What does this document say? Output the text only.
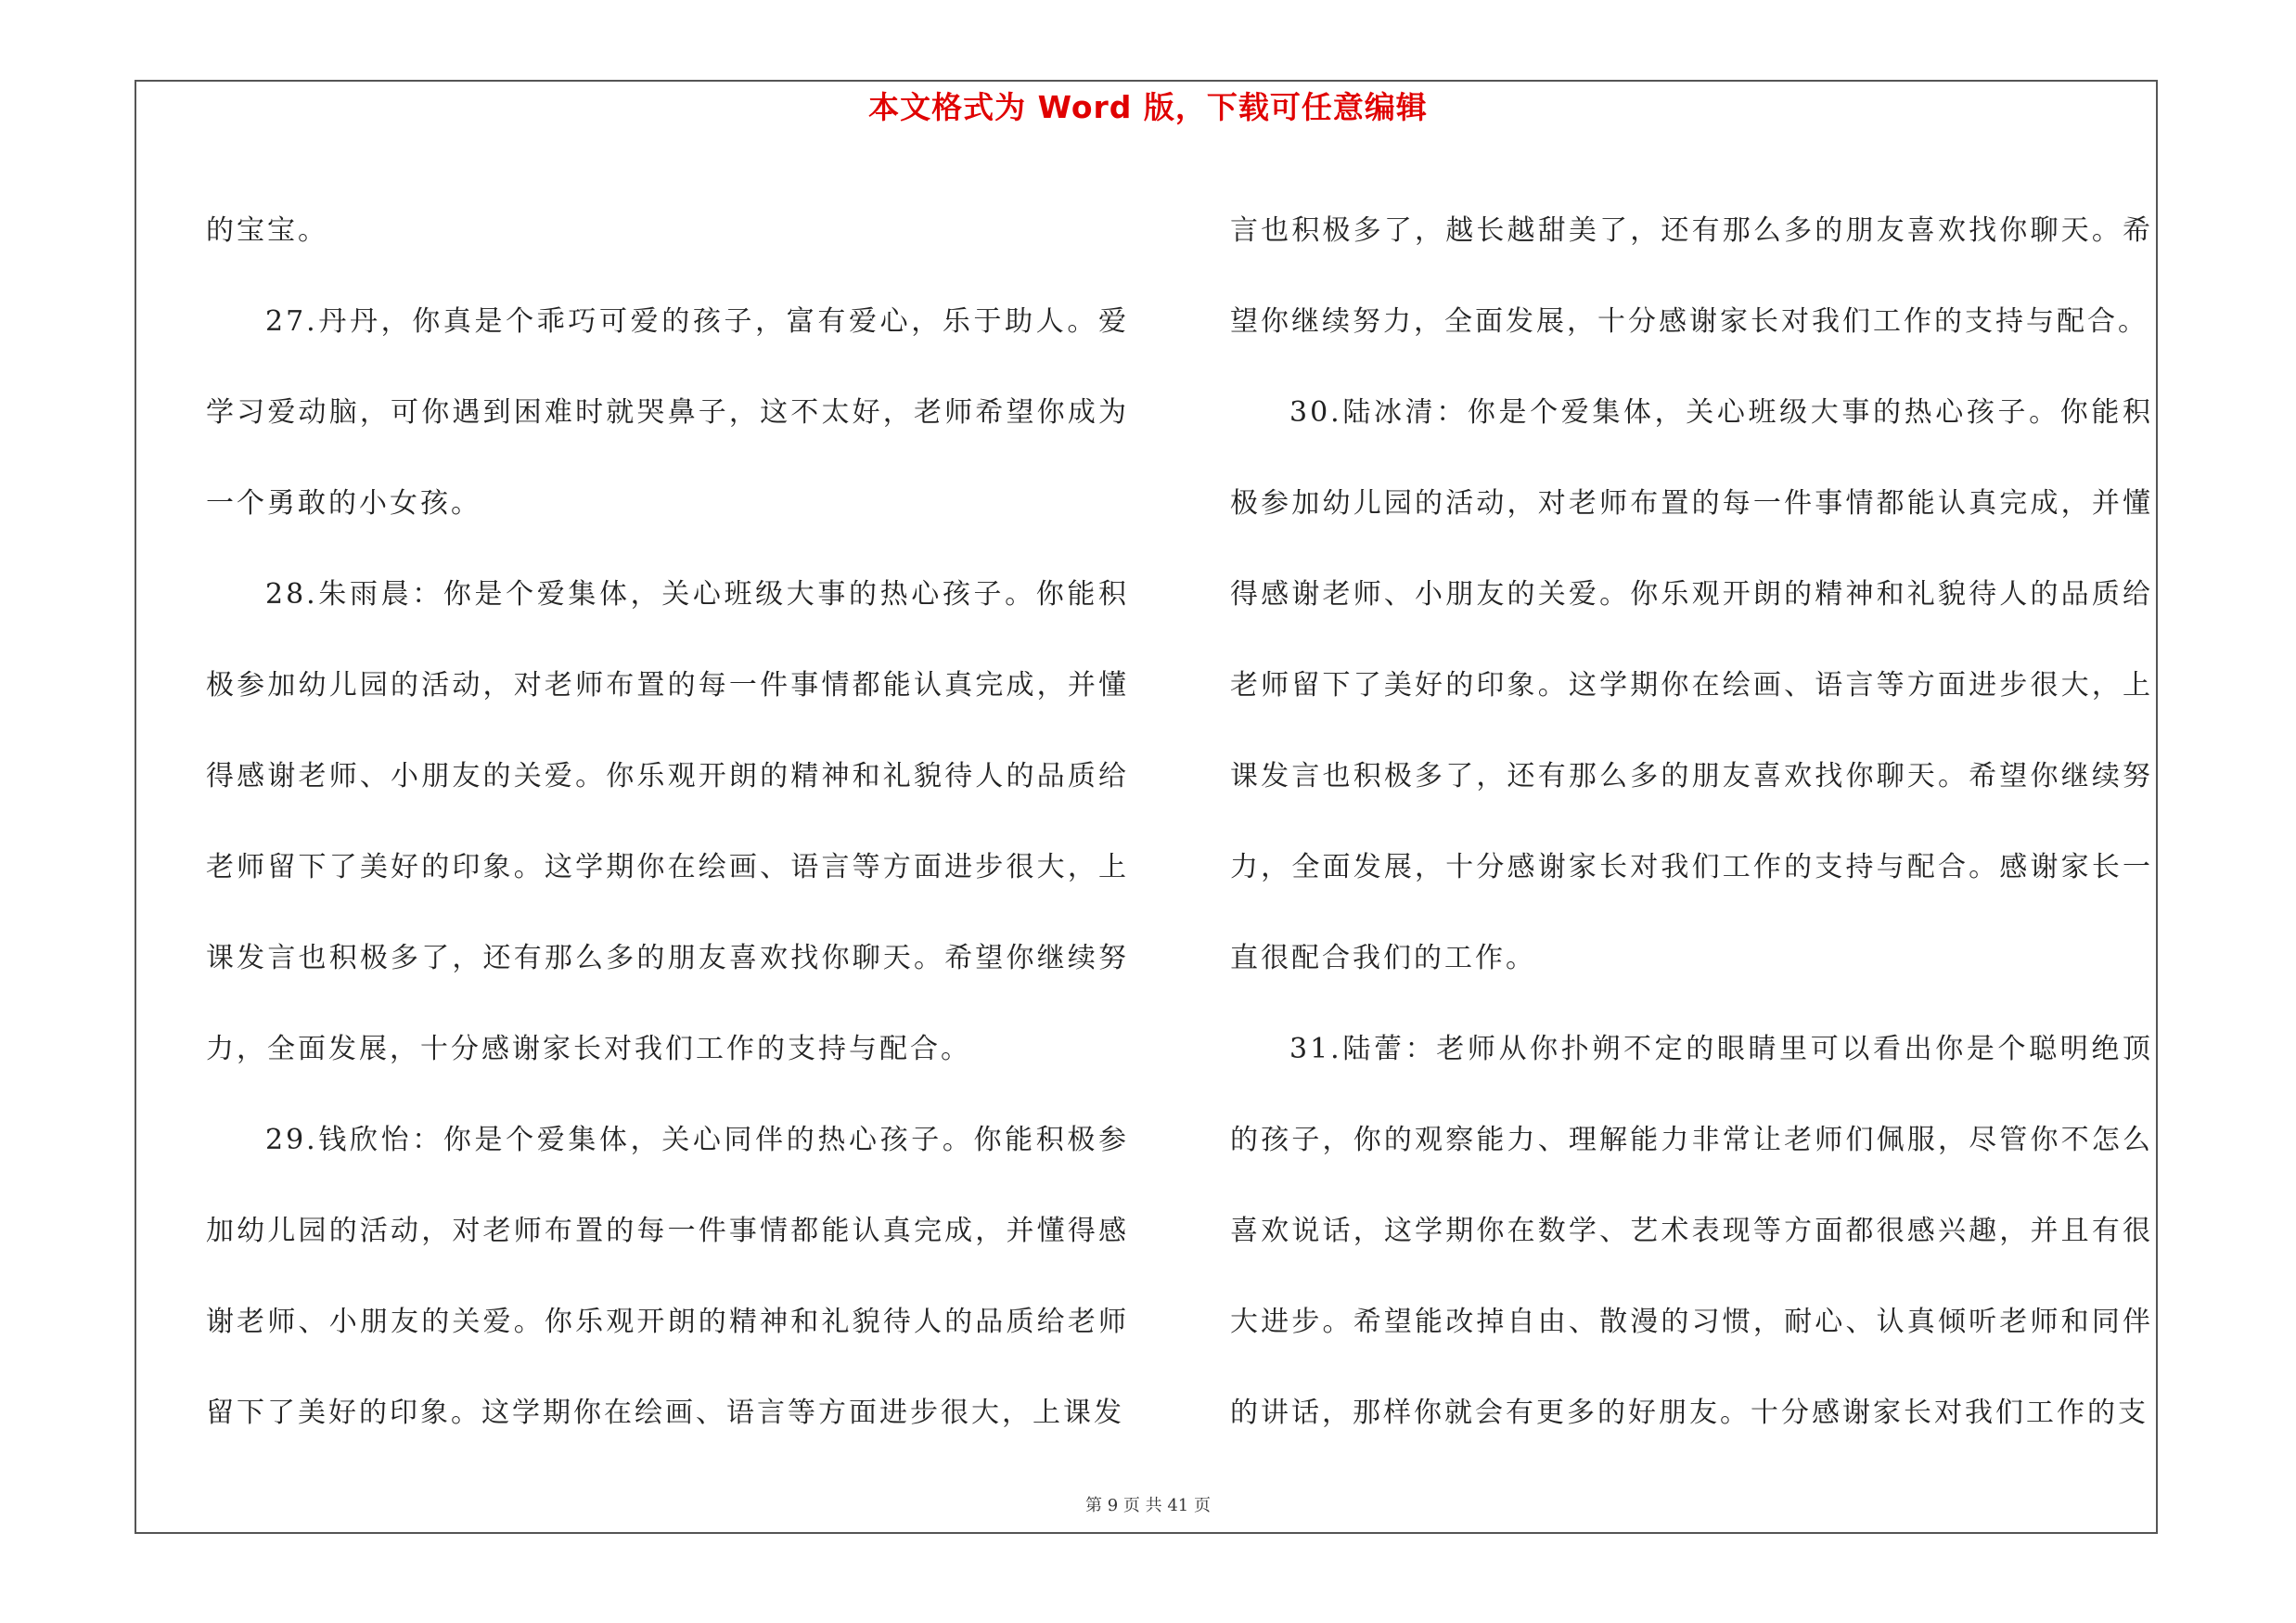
本文格式为 Word 版，下载可任意编辑

的宝宝。

27.丹丹，你真是个乖巧可爱的孩子，富有爱心，乐于助人。爱学习爱动脑，可你遇到困难时就哭鼻子，这不太好，老师希望你成为一个勇敢的小女孩。

28.朱雨晨：你是个爱集体，关心班级大事的热心孩子。你能积极参加幼儿园的活动，对老师布置的每一件事情都能认真完成，并懂得感谢老师、小朋友的关爱。你乐观开朗的精神和礼貌待人的品质给老师留下了美好的印象。这学期你在绘画、语言等方面进步很大，上课发言也积极多了，还有那么多的朋友喜欢找你聊天。希望你继续努力，全面发展，十分感谢家长对我们工作的支持与配合。

29.钱欣怡：你是个爱集体，关心同伴的热心孩子。你能积极参加幼儿园的活动，对老师布置的每一件事情都能认真完成，并懂得感谢老师、小朋友的关爱。你乐观开朗的精神和礼貌待人的品质给老师留下了美好的印象。这学期你在绘画、语言等方面进步很大，上课发

言也积极多了，越长越甜美了，还有那么多的朋友喜欢找你聊天。希望你继续努力，全面发展，十分感谢家长对我们工作的支持与配合。

30.陆冰清：你是个爱集体，关心班级大事的热心孩子。你能积极参加幼儿园的活动，对老师布置的每一件事情都能认真完成，并懂得感谢老师、小朋友的关爱。你乐观开朗的精神和礼貌待人的品质给老师留下了美好的印象。这学期你在绘画、语言等方面进步很大，上课发言也积极多了，还有那么多的朋友喜欢找你聊天。希望你继续努力，全面发展，十分感谢家长对我们工作的支持与配合。感谢家长一直很配合我们的工作。

31.陆蕾：老师从你扑朔不定的眼睛里可以看出你是个聪明绝顶的孩子，你的观察能力、理解能力非常让老师们佩服，尽管你不怎么喜欢说话，这学期你在数学、艺术表现等方面都很感兴趣，并且有很大进步。希望能改掉自由、散漫的习惯，耐心、认真倾听老师和同伴的讲话，那样你就会有更多的好朋友。十分感谢家长对我们工作的支

第 9 页 共 41 页
